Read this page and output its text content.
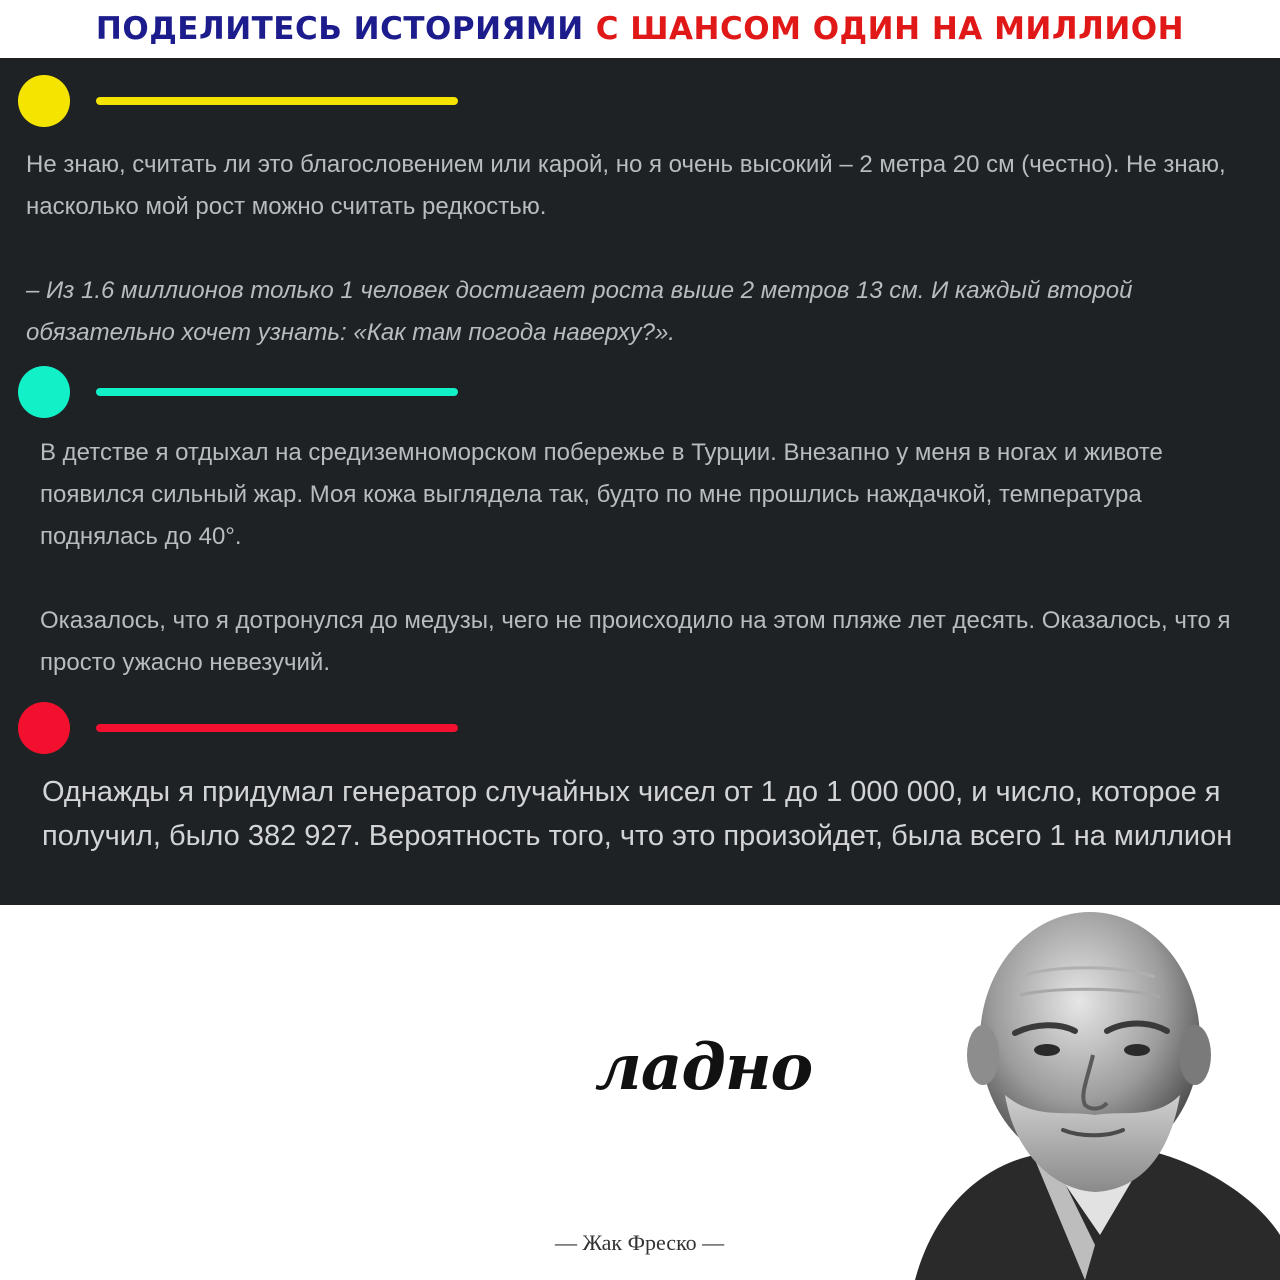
ПОДЕЛИТЕСЬ ИСТОРИЯМИ С ШАНСОМ ОДИН НА МИЛЛИОН

Не знаю, считать ли это благословением или карой, но я очень высокий – 2 метра 20 см (честно). Не знаю, насколько мой рост можно считать редкостью.

– Из 1.6 миллионов только 1 человек достигает роста выше 2 метров 13 см. И каждый второй обязательно хочет узнать: «Как там погода наверху?».

В детстве я отдыхал на средиземноморском побережье в Турции. Внезапно у меня в ногах и животе появился сильный жар. Моя кожа выглядела так, будто по мне прошлись наждачкой, температура поднялась до 40°.

Оказалось, что я дотронулся до медузы, чего не происходило на этом пляже лет десять. Оказалось, что я просто ужасно невезучий.

Однажды я придумал генератор случайных чисел от 1 до 1 000 000, и число, которое я получил, было 382 927. Вероятность того, что это произойдет, была всего 1 на миллион

ладно
— Жак Фреско —
